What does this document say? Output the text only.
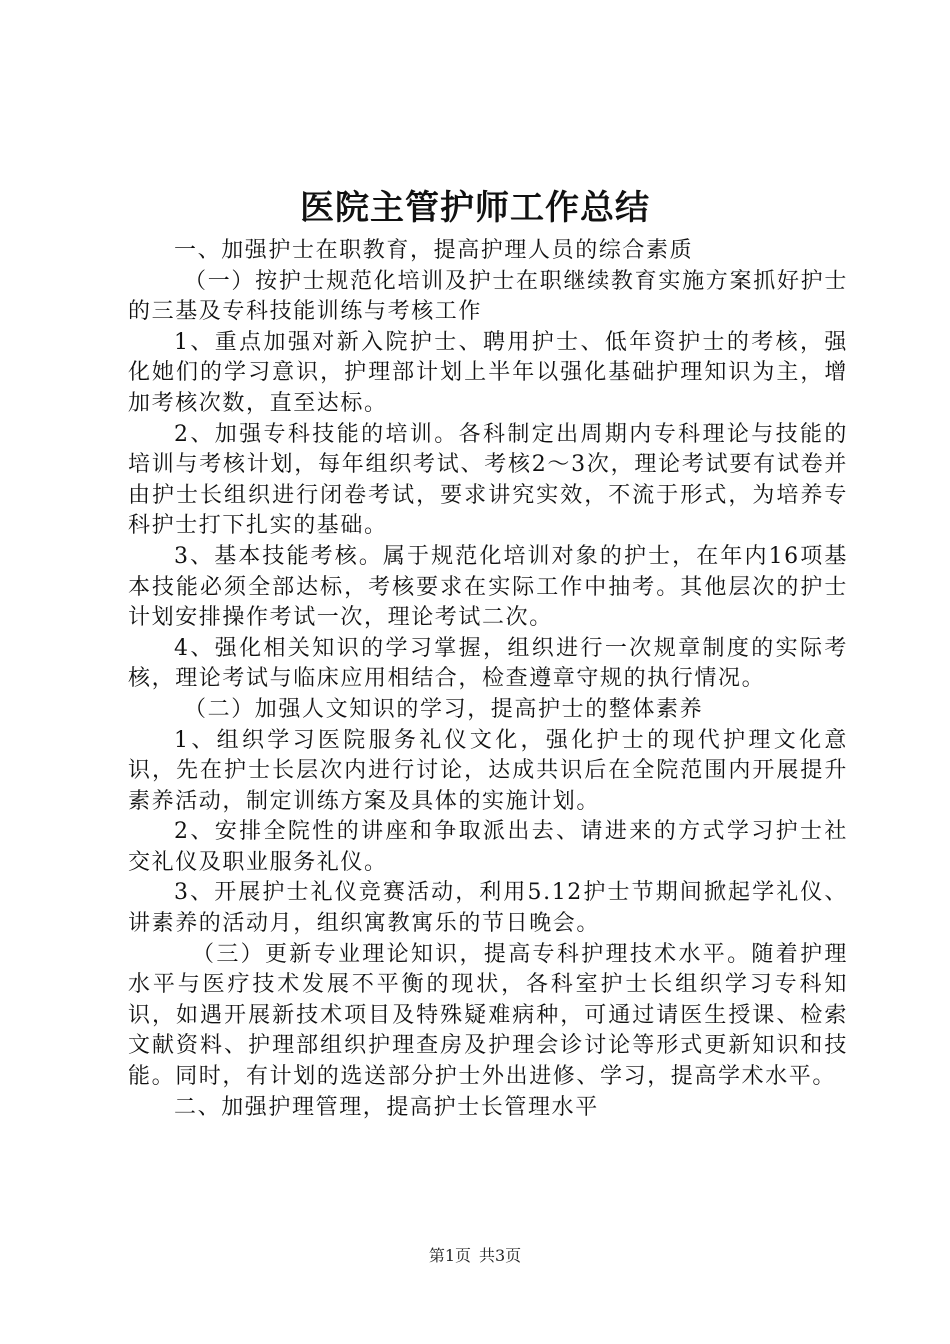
医院主管护师工作总结

一、加强护士在职教育，提高护理人员的综合素质

（一）按护士规范化培训及护士在职继续教育实施方案抓好护士的三基及专科技能训练与考核工作

1、重点加强对新入院护士、聘用护士、低年资护士的考核，强化她们的学习意识，护理部计划上半年以强化基础护理知识为主，增加考核次数，直至达标。

2、加强专科技能的培训。各科制定出周期内专科理论与技能的培训与考核计划，每年组织考试、考核2～3次，理论考试要有试卷并由护士长组织进行闭卷考试，要求讲究实效，不流于形式，为培养专科护士打下扎实的基础。

3、基本技能考核。属于规范化培训对象的护士，在年内16项基本技能必须全部达标，考核要求在实际工作中抽考。其他层次的护士计划安排操作考试一次，理论考试二次。

4、强化相关知识的学习掌握，组织进行一次规章制度的实际考核，理论考试与临床应用相结合，检查遵章守规的执行情况。

（二）加强人文知识的学习，提高护士的整体素养

1、组织学习医院服务礼仪文化，强化护士的现代护理文化意识，先在护士长层次内进行讨论，达成共识后在全院范围内开展提升素养活动，制定训练方案及具体的实施计划。

2、安排全院性的讲座和争取派出去、请进来的方式学习护士社交礼仪及职业服务礼仪。

3、开展护士礼仪竞赛活动，利用5.12护士节期间掀起学礼仪、讲素养的活动月，组织寓教寓乐的节日晚会。

（三）更新专业理论知识，提高专科护理技术水平。随着护理水平与医疗技术发展不平衡的现状，各科室护士长组织学习专科知识，如遇开展新技术项目及特殊疑难病种，可通过请医生授课、检索文献资料、护理部组织护理查房及护理会诊讨论等形式更新知识和技能。同时，有计划的选送部分护士外出进修、学习，提高学术水平。

二、加强护理管理，提高护士长管理水平

第1页 共3页
